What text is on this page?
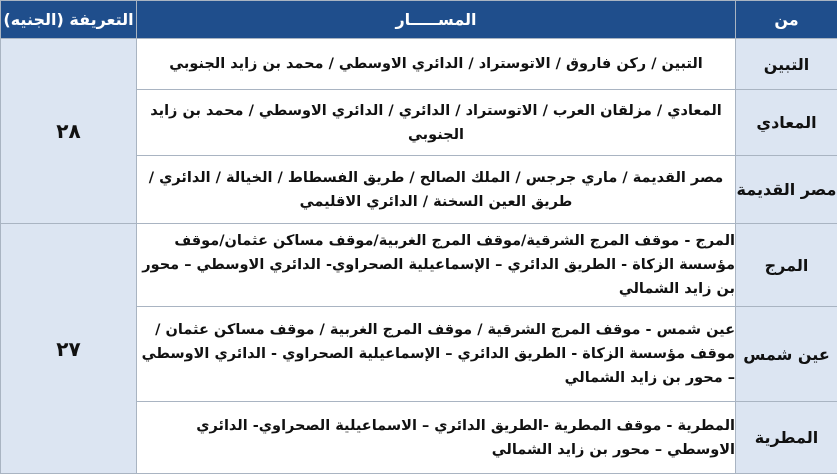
من	المســـــار	التعريفة (الجنيه)
التبين	التبين / ركن فاروق / الاتوستراد / الدائري الاوسطي / محمد بن زايد الجنوبي	٢٨
المعادي	المعادي / مزلقان العرب / الاتوستراد / الدائري / الدائري الاوسطي / محمد بن زايد الجنوبي	
مصر القديمة	مصر القديمة / ماري جرجس / الملك الصالح / طريق الفسطاط / الخيالة / الدائري / طريق العين السخنة / الدائري الاقليمي	
المرج	المرج - موقف المرج الشرقية/موقف المرج الغربية/موقف مساكن عثمان/موقف مؤسسة الزكاة - الطريق الدائري – الإسماعيلية الصحراوي- الدائري الاوسطي – محور بن زايد الشمالي	٢٧
عين شمس	عين شمس - موقف المرج الشرقية / موقف المرج الغربية / موقف مساكن عثمان / موقف مؤسسة الزكاة - الطريق الدائري – الإسماعيلية الصحراوي - الدائري الاوسطي – محور بن زايد الشمالي	
المطرية	المطرية - موقف المطرية -الطريق الدائري – الاسماعيلية الصحراوي- الدائري الاوسطي – محور بن زايد الشمالي	
